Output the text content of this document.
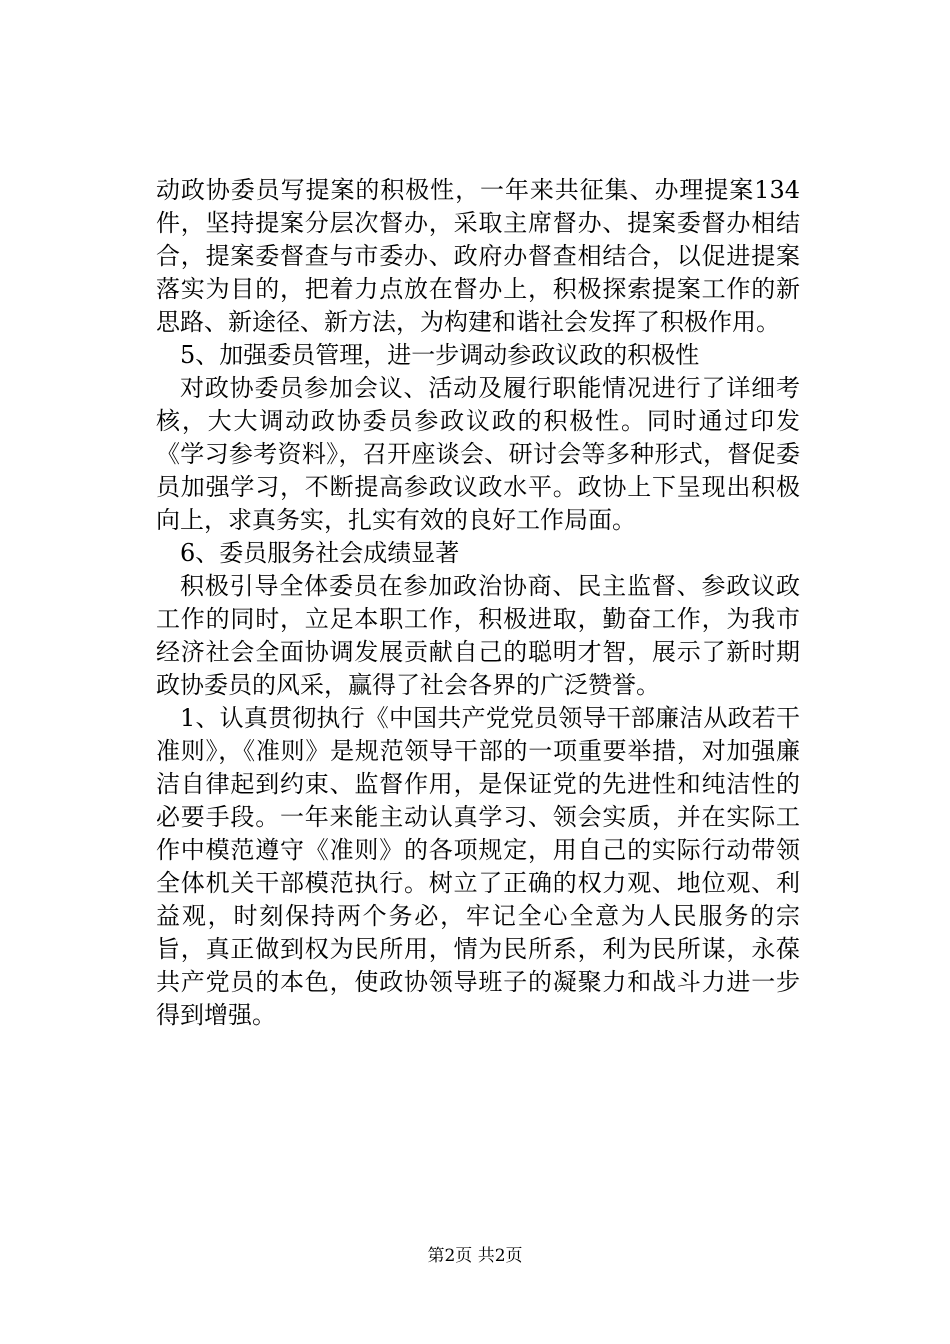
动政协委员写提案的积极性，一年来共征集、办理提案134件，坚持提案分层次督办，采取主席督办、提案委督办相结合，提案委督查与市委办、政府办督查相结合，以促进提案落实为目的，把着力点放在督办上，积极探索提案工作的新思路、新途径、新方法，为构建和谐社会发挥了积极作用。

5、加强委员管理，进一步调动参政议政的积极性

对政协委员参加会议、活动及履行职能情况进行了详细考核，大大调动政协委员参政议政的积极性。同时通过印发《学习参考资料》，召开座谈会、研讨会等多种形式，督促委员加强学习，不断提高参政议政水平。政协上下呈现出积极向上，求真务实，扎实有效的良好工作局面。

6、委员服务社会成绩显著

积极引导全体委员在参加政治协商、民主监督、参政议政工作的同时，立足本职工作，积极进取，勤奋工作，为我市经济社会全面协调发展贡献自己的聪明才智，展示了新时期政协委员的风采，赢得了社会各界的广泛赞誉。

1、认真贯彻执行《中国共产党党员领导干部廉洁从政若干准则》，《准则》是规范领导干部的一项重要举措，对加强廉洁自律起到约束、监督作用，是保证党的先进性和纯洁性的必要手段。一年来能主动认真学习、领会实质，并在实际工作中模范遵守《准则》的各项规定，用自己的实际行动带领全体机关干部模范执行。树立了正确的权力观、地位观、利益观，时刻保持两个务必，牢记全心全意为人民服务的宗旨，真正做到权为民所用，情为民所系，利为民所谋，永葆共产党员的本色，使政协领导班子的凝聚力和战斗力进一步得到增强。

第2页 共2页
